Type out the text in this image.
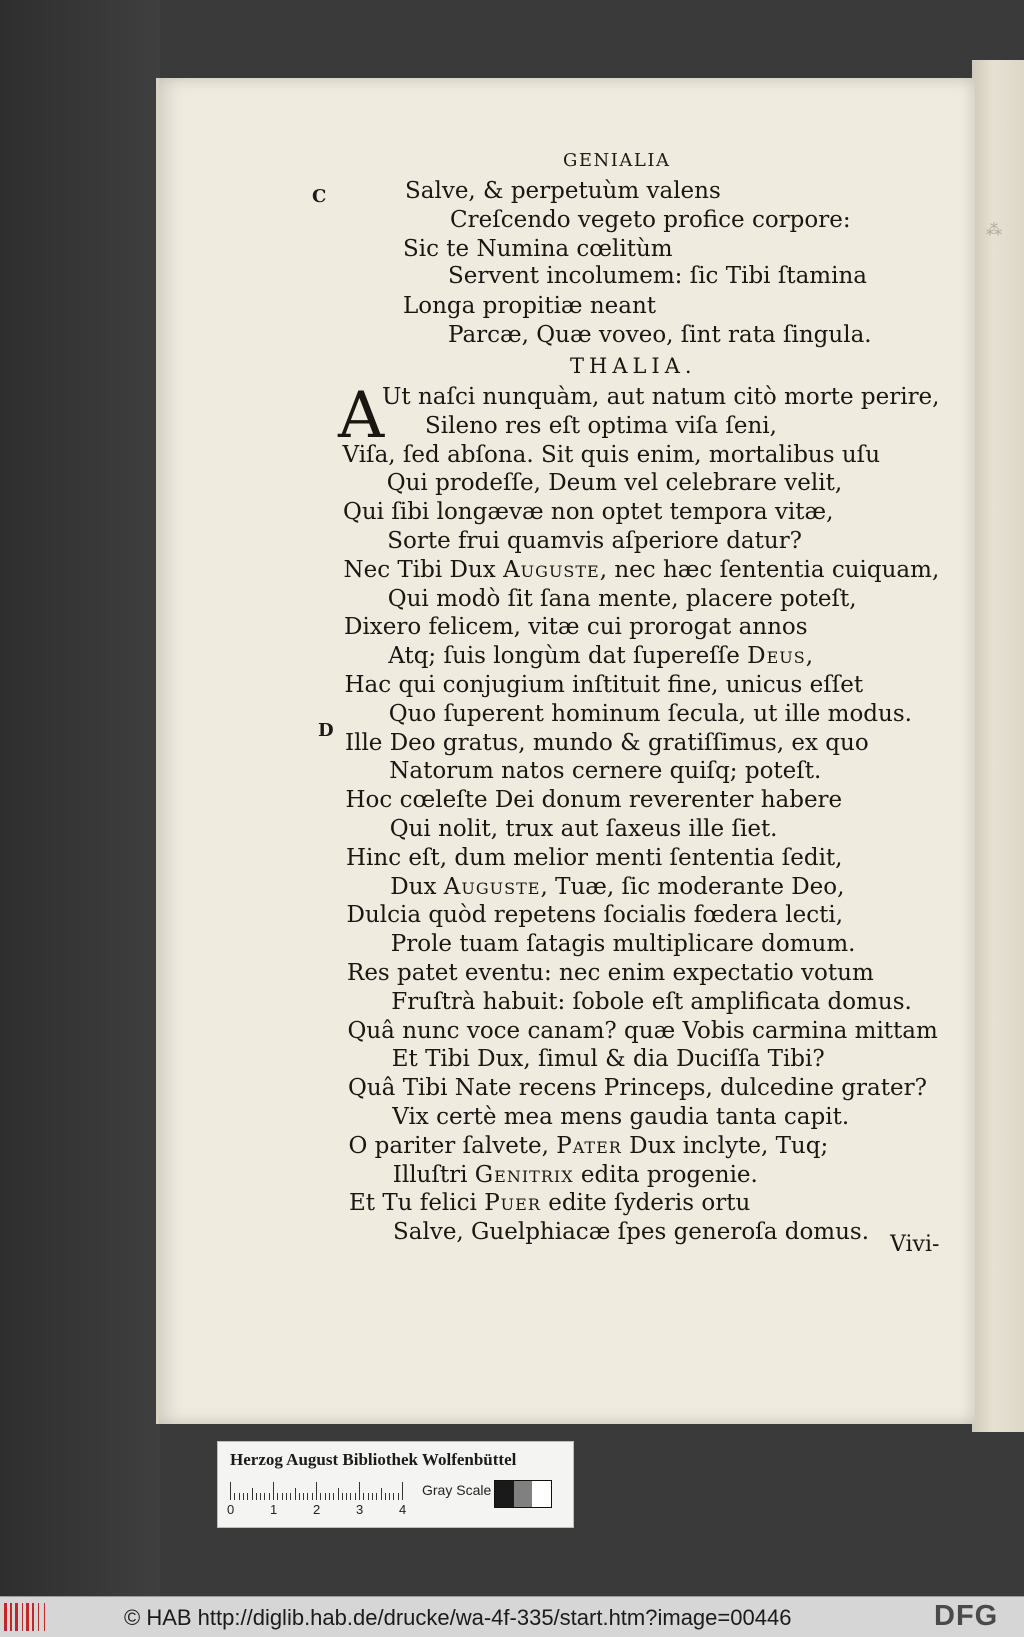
⁂
GENIALIA
C
D
Salve, & perpetuùm valens
Creſcendo vegeto profice corpore:
Sic te Numina cœlitùm
Servent incolumem: ſic Tibi ſtamina
Longa propitiæ neant
Parcæ, Quæ voveo, ſint rata ſingula.
THALIA.
A
Ut naſci nunquàm, aut natum citò morte perire,
Sileno res eſt optima viſa ſeni,
Viſa, ſed abſona. Sit quis enim, mortalibus uſu
Qui prodeſſe, Deum vel celebrare velit,
Qui ſibi longævæ non optet tempora vitæ,
Sorte frui quamvis aſperiore datur?
Nec Tibi Dux Auguste, nec hæc ſententia cuiquam,
Qui modò ſit ſana mente, placere poteſt,
Dixero felicem, vitæ cui prorogat annos
Atq; ſuis longùm dat ſupereſſe Deus,
Hac qui conjugium inſtituit fine, unicus eſſet
Quo ſuperent hominum ſecula, ut ille modus.
Ille Deo gratus, mundo & gratiſſimus, ex quo
Natorum natos cernere quiſq; poteſt.
Hoc cœleſte Dei donum reverenter habere
Qui nolit, trux aut ſaxeus ille ſiet.
Hinc eſt, dum melior menti ſententia ſedit,
Dux Auguste, Tuæ, ſic moderante Deo,
Dulcia quòd repetens ſocialis fœdera lecti,
Prole tuam ſatagis multiplicare domum.
Res patet eventu: nec enim expectatio votum
Fruſtrà habuit: ſobole eſt amplificata domus.
Quâ nunc voce canam? quæ Vobis carmina mittam
Et Tibi Dux, ſimul & dia Duciſſa Tibi?
Quâ Tibi Nate recens Princeps, dulcedine grater?
Vix certè mea mens gaudia tanta capit.
O pariter ſalvete, Pater Dux inclyte, Tuq;
Illuſtri Genitrix edita progenie.
Et Tu felici Puer edite ſyderis ortu
Salve, Guelphiacæ ſpes generoſa domus. Vivi-
Herzog August Bibliothek Wolfenbüttel
0	1	2	3	4
Gray Scale
© HAB http://diglib.hab.de/drucke/wa-4f-335/start.htm?image=00446	DFG
